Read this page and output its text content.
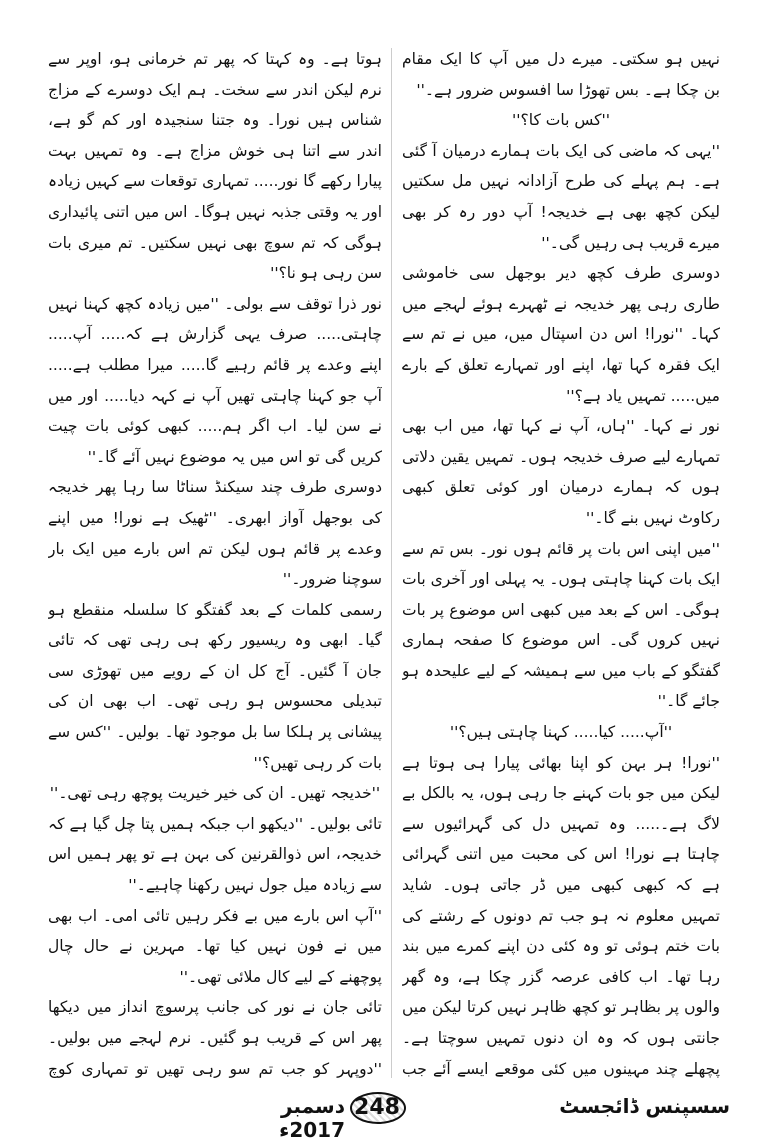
نہیں ہو سکتی۔ میرے دل میں آپ کا ایک مقام بن چکا ہے۔ بس تھوڑا سا افسوس ضرور ہے۔''

''کس بات کا؟''

''یہی کہ ماضی کی ایک بات ہمارے درمیان آ گئی ہے۔ ہم پہلے کی طرح آزادانہ نہیں مل سکتیں لیکن کچھ بھی ہے خدیجہ! آپ دور رہ کر بھی میرے قریب ہی رہیں گی۔''

دوسری طرف کچھ دیر بوجھل سی خاموشی طاری رہی پھر خدیجہ نے ٹھہرے ہوئے لہجے میں کہا۔ ''نورا! اس دن اسپتال میں، میں نے تم سے ایک فقرہ کہا تھا، اپنے اور تمہارے تعلق کے بارے میں..... تمہیں یاد ہے؟''

نور نے کہا۔ ''ہاں، آپ نے کہا تھا، میں اب بھی تمہارے لیے صرف خدیجہ ہوں۔ تمہیں یقین دلاتی ہوں کہ ہمارے درمیان اور کوئی تعلق کبھی رکاوٹ نہیں بنے گا۔''

''میں اپنی اس بات پر قائم ہوں نور۔ بس تم سے ایک بات کہنا چاہتی ہوں۔ یہ پہلی اور آخری بات ہوگی۔ اس کے بعد میں کبھی اس موضوع پر بات نہیں کروں گی۔ اس موضوع کا صفحہ ہماری گفتگو کے باب میں سے ہمیشہ کے لیے علیحدہ ہو جائے گا۔''

''آپ..... کیا..... کہنا چاہتی ہیں؟''

''نورا! ہر بہن کو اپنا بھائی پیارا ہی ہوتا ہے لیکن میں جو بات کہنے جا رہی ہوں، یہ بالکل بے لاگ ہے۔..... وہ تمہیں دل کی گہرائیوں سے چاہتا ہے نورا! اس کی محبت میں اتنی گہرائی ہے کہ کبھی کبھی میں ڈر جاتی ہوں۔ شاید تمہیں معلوم نہ ہو جب تم دونوں کے رشتے کی بات ختم ہوئی تو وہ کئی دن اپنے کمرے میں بند رہا تھا۔ اب کافی عرصہ گزر چکا ہے، وہ گھر والوں پر بظاہر تو کچھ ظاہر نہیں کرتا لیکن میں جانتی ہوں کہ وہ ان دنوں تمہیں سوچتا ہے۔ پچھلے چند مہینوں میں کئی موقعے ایسے آئے جب

ہوتا ہے۔ وہ کہتا کہ پھر تم خرمانی ہو، اوپر سے نرم لیکن اندر سے سخت۔ ہم ایک دوسرے کے مزاج شناس ہیں نورا۔ وہ جتنا سنجیدہ اور کم گو ہے، اندر سے اتنا ہی خوش مزاج ہے۔ وہ تمہیں بہت پیارا رکھے گا نور..... تمہاری توقعات سے کہیں زیادہ اور یہ وقتی جذبہ نہیں ہوگا۔ اس میں اتنی پائیداری ہوگی کہ تم سوچ بھی نہیں سکتیں۔ تم میری بات سن رہی ہو نا؟''

نور ذرا توقف سے بولی۔ ''میں زیادہ کچھ کہنا نہیں چاہتی..... صرف یہی گزارش ہے کہ..... آپ..... اپنے وعدے پر قائم رہیے گا..... میرا مطلب ہے..... آپ جو کہنا چاہتی تھیں آپ نے کہہ دیا..... اور میں نے سن لیا۔ اب اگر ہم..... کبھی کوئی بات چیت کریں گی تو اس میں یہ موضوع نہیں آئے گا۔''

دوسری طرف چند سیکنڈ سناٹا سا رہا پھر خدیجہ کی بوجھل آواز ابھری۔ ''ٹھیک ہے نورا! میں اپنے وعدے پر قائم ہوں لیکن تم اس بارے میں ایک بار سوچنا ضرور۔''

رسمی کلمات کے بعد گفتگو کا سلسلہ منقطع ہو گیا۔ ابھی وہ ریسیور رکھ ہی رہی تھی کہ تائی جان آ گئیں۔ آج کل ان کے رویے میں تھوڑی سی تبدیلی محسوس ہو رہی تھی۔ اب بھی ان کی پیشانی پر ہلکا سا بل موجود تھا۔ بولیں۔ ''کس سے بات کر رہی تھیں؟''

''خدیجہ تھیں۔ ان کی خیر خیریت پوچھ رہی تھی۔''

تائی بولیں۔ ''دیکھو اب جبکہ ہمیں پتا چل گیا ہے کہ خدیجہ، اس ذوالقرنین کی بہن ہے تو پھر ہمیں اس سے زیادہ میل جول نہیں رکھنا چاہیے۔''

''آپ اس بارے میں بے فکر رہیں تائی امی۔ اب بھی میں نے فون نہیں کیا تھا۔ مہرین نے حال چال پوچھنے کے لیے کال ملائی تھی۔''

تائی جان نے نور کی جانب پرسوچ انداز میں دیکھا پھر اس کے قریب ہو گئیں۔ نرم لہجے میں بولیں۔ ''دوپہر کو جب تم سو رہی تھیں تو تمہاری کوچ

سسپنس ڈائجسٹ
248
دسمبر 2017ء
